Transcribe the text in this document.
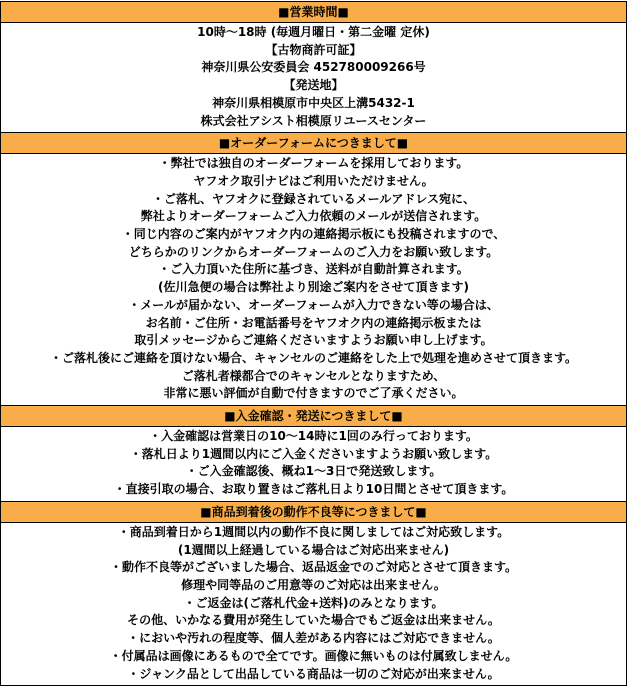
■営業時間■
10時～18時 (毎週月曜日・第二金曜 定休)
【古物商許可証】
神奈川県公安委員会 452780009266号
【発送地】
神奈川県相模原市中央区上溝5432-1
株式会社アシスト相模原リユースセンター
■オーダーフォームにつきまして■
・弊社では独自のオーダーフォームを採用しております。
ヤフオク取引ナビはご利用いただけません。
・ご落札、ヤフオクに登録されているメールアドレス宛に、
弊社よりオーダーフォームご入力依頼のメールが送信されます。
・同じ内容のご案内がヤフオク内の連絡掲示板にも投稿されますので、
どちらかのリンクからオーダーフォームのご入力をお願い致します。
・ご入力頂いた住所に基づき、送料が自動計算されます。
(佐川急便の場合は弊社より別途ご案内をさせて頂きます)
・メールが届かない、オーダーフォームが入力できない等の場合は、
お名前・ご住所・お電話番号をヤフオク内の連絡掲示板または
取引メッセージからご連絡くださいますようお願い申し上げます。
・ご落札後にご連絡を頂けない場合、キャンセルのご連絡をした上で処理を進めさせて頂きます。
ご落札者様都合でのキャンセルとなりますため、
非常に悪い評価が自動で付きますのでご了承ください。
■入金確認・発送につきまして■
・入金確認は営業日の10～14時に1回のみ行っております。
・落札日より1週間以内にご入金くださいますようお願い致します。
・ご入金確認後、概ね1～3日で発送致します。
・直接引取の場合、お取り置きはご落札日より10日間とさせて頂きます。
■商品到着後の動作不良等につきまして■
・商品到着日から1週間以内の動作不良に関しましてはご対応致します。
(1週間以上経過している場合はご対応出来ません)
・動作不良等がございました場合、返品返金でのご対応とさせて頂きます。
修理や同等品のご用意等のご対応は出来ません。
・ご返金は(ご落札代金+送料)のみとなります。
その他、いかなる費用が発生していた場合でもご返金は出来ません。
・においや汚れの程度等、個人差がある内容にはご対応できません。
・付属品は画像にあるもので全てです。画像に無いものは付属致しません。
・ジャンク品として出品している商品は一切のご対応が出来ません。
